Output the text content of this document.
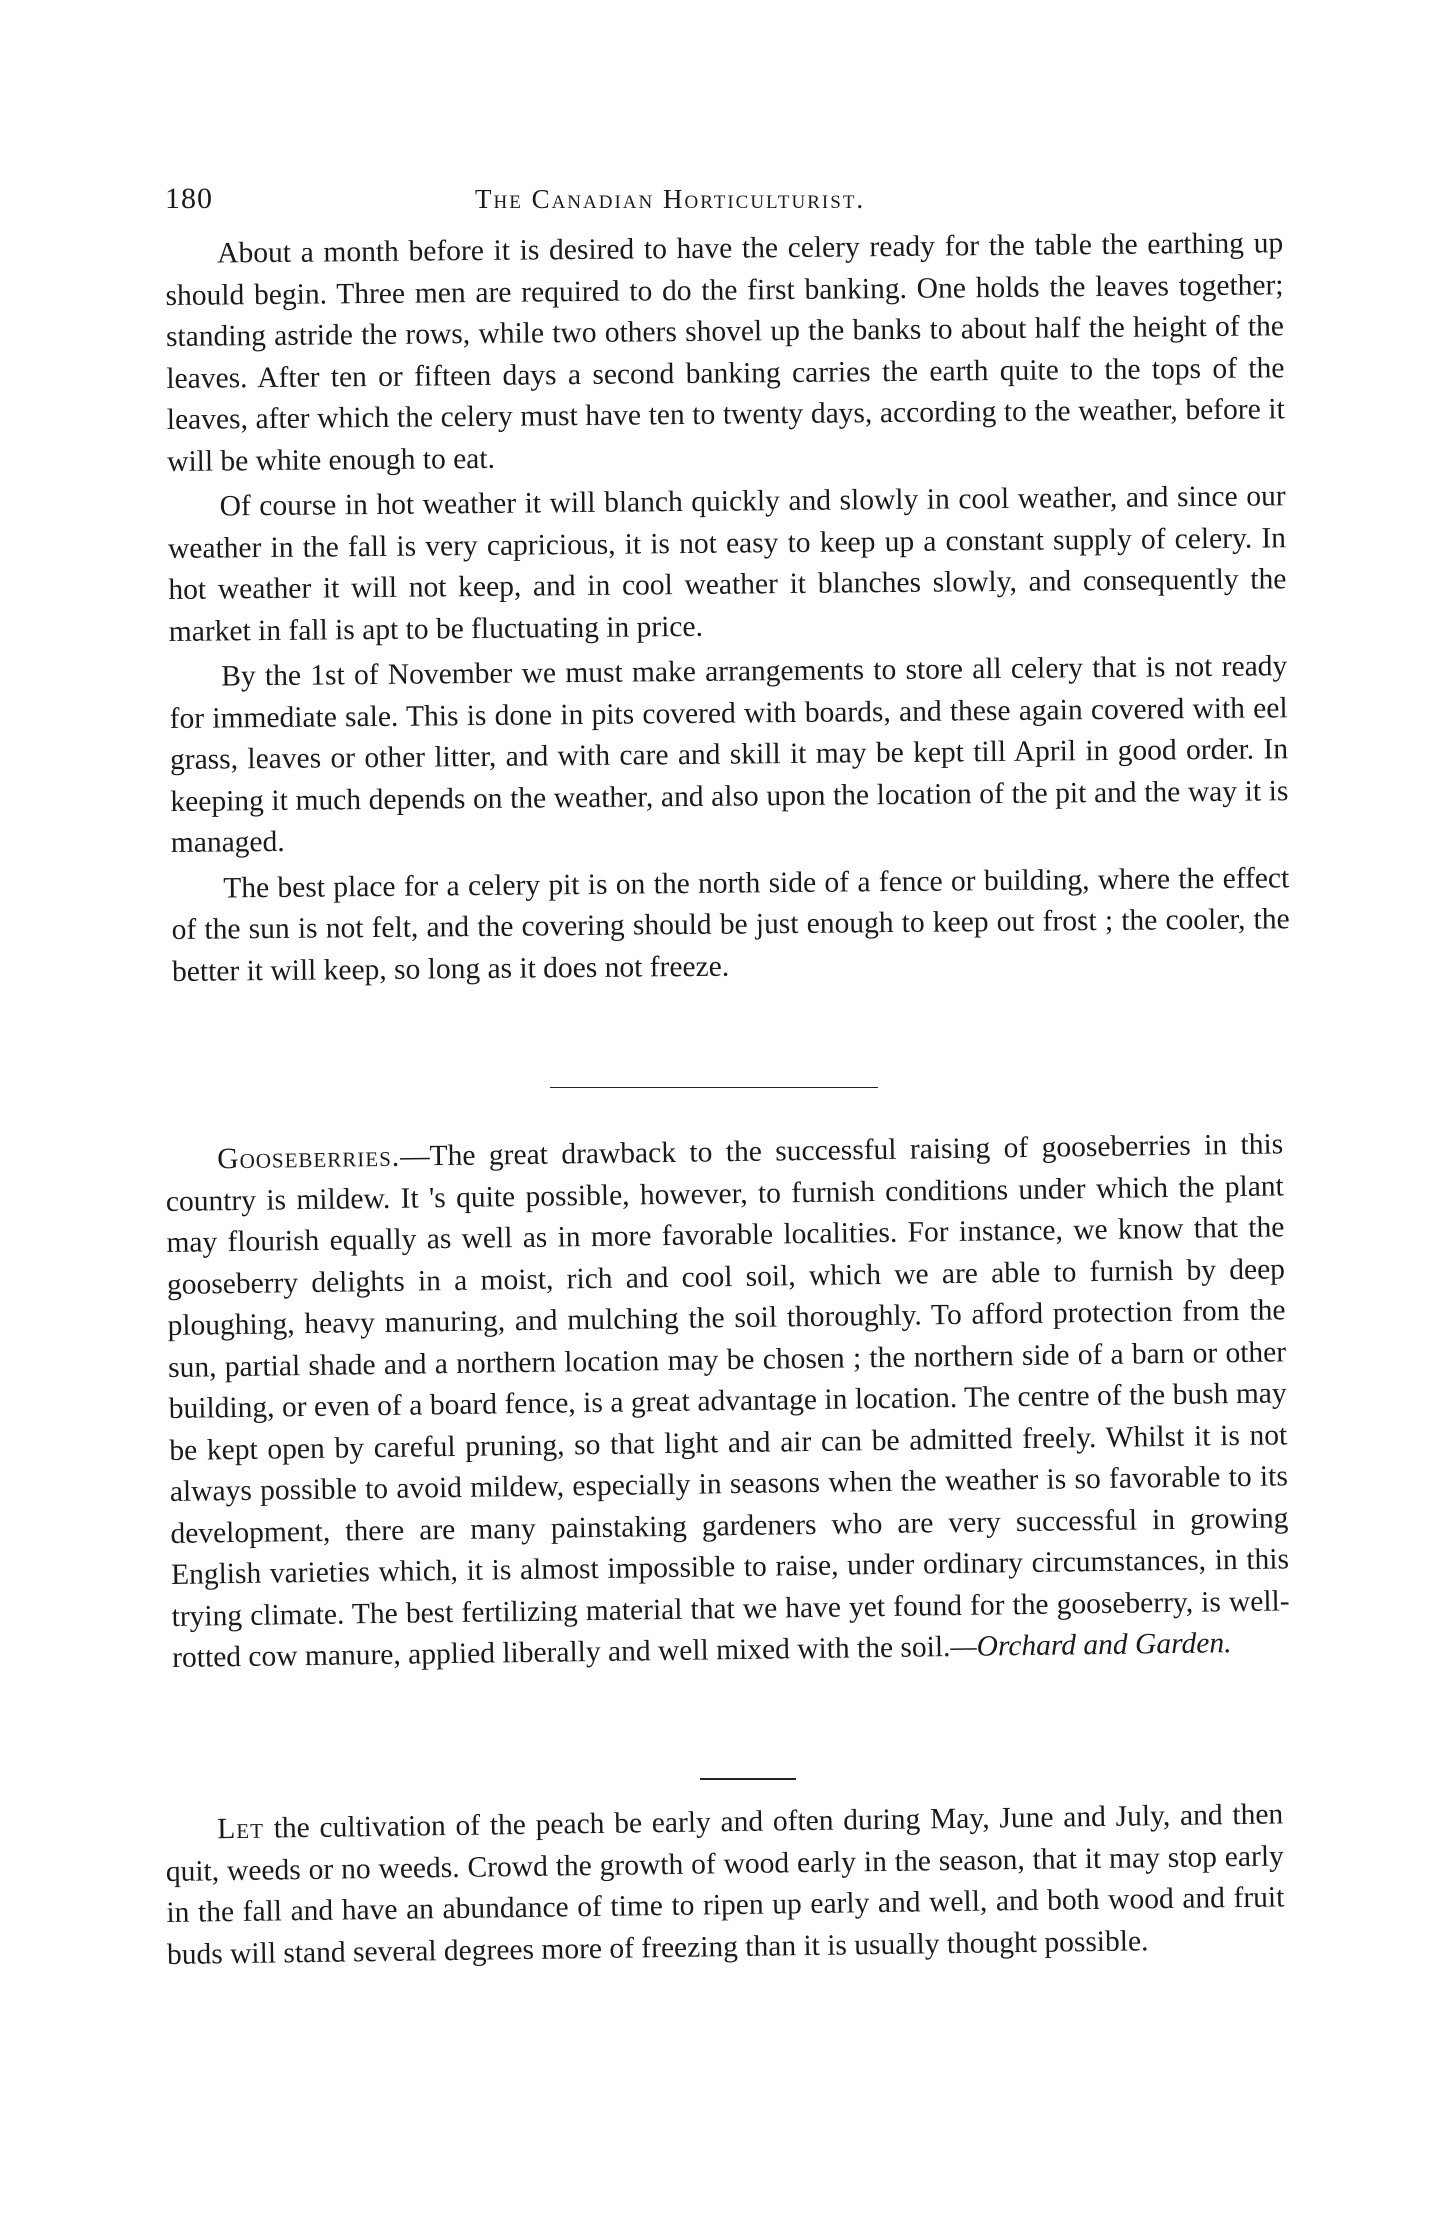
180	The Canadian Horticulturist.

About a month before it is desired to have the celery ready for the table the earthing up should begin. Three men are required to do the first banking. One holds the leaves together; standing astride the rows, while two others shovel up the banks to about half the height of the leaves. After ten or fifteen days a second banking carries the earth quite to the tops of the leaves, after which the celery must have ten to twenty days, according to the weather, before it will be white enough to eat.

Of course in hot weather it will blanch quickly and slowly in cool weather, and since our weather in the fall is very capricious, it is not easy to keep up a constant supply of celery. In hot weather it will not keep, and in cool weather it blanches slowly, and consequently the market in fall is apt to be fluctuating in price.

By the 1st of November we must make arrangements to store all celery that is not ready for immediate sale. This is done in pits covered with boards, and these again covered with eel grass, leaves or other litter, and with care and skill it may be kept till April in good order. In keeping it much depends on the weather, and also upon the location of the pit and the way it is managed.

The best place for a celery pit is on the north side of a fence or building, where the effect of the sun is not felt, and the covering should be just enough to keep out frost ; the cooler, the better it will keep, so long as it does not freeze.

Gooseberries.—The great drawback to the successful raising of gooseberries in this country is mildew. It 's quite possible, however, to furnish conditions under which the plant may flourish equally as well as in more favorable localities. For instance, we know that the gooseberry delights in a moist, rich and cool soil, which we are able to furnish by deep ploughing, heavy manuring, and mulching the soil thoroughly. To afford protection from the sun, partial shade and a northern location may be chosen ; the northern side of a barn or other building, or even of a board fence, is a great advantage in location. The centre of the bush may be kept open by careful pruning, so that light and air can be admitted freely. Whilst it is not always possible to avoid mildew, especially in seasons when the weather is so favorable to its development, there are many painstaking gardeners who are very successful in growing English varieties which, it is almost impossible to raise, under ordinary circumstances, in this trying climate. The best fertilizing material that we have yet found for the gooseberry, is well-rotted cow manure, applied liberally and well mixed with the soil.—Orchard and Garden.

Let the cultivation of the peach be early and often during May, June and July, and then quit, weeds or no weeds. Crowd the growth of wood early in the season, that it may stop early in the fall and have an abundance of time to ripen up early and well, and both wood and fruit buds will stand several degrees more of freezing than it is usually thought possible.
